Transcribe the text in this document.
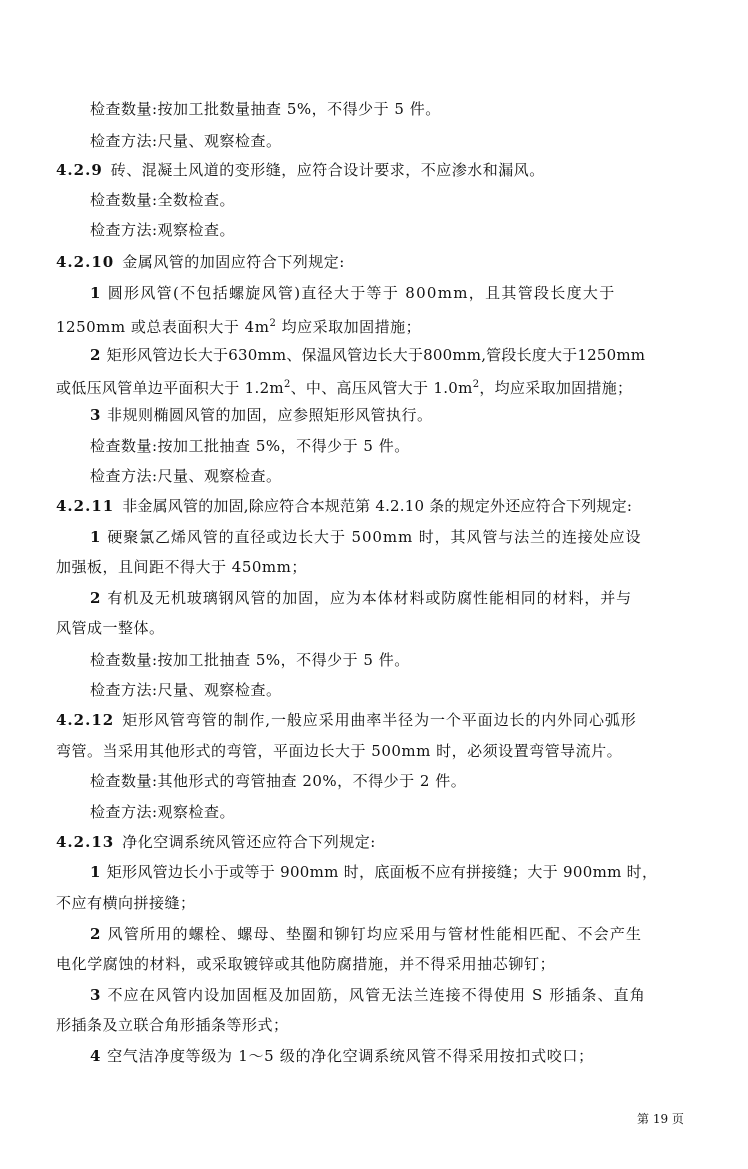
检查数量:按加工批数量抽查 5%，不得少于 5 件。
检查方法:尺量、观察检查。
4.2.9 砖、混凝土风道的变形缝，应符合设计要求，不应渗水和漏风。
检查数量:全数检查。
检查方法:观察检查。
4.2.10 金属风管的加固应符合下列规定:
1 圆形风管(不包括螺旋风管)直径大于等于 800mm，且其管段长度大于
1250mm 或总表面积大于 $4m^2$ 均应采取加固措施；
2 矩形风管边长大于630mm、保温风管边长大于800mm,管段长度大于1250mm
或低压风管单边平面积大于 $1.2m^2$、中、高压风管大于 $1.0m^2$，均应采取加固措施；
3 非规则椭圆风管的加固，应参照矩形风管执行。
检查数量:按加工批抽查 5%，不得少于 5 件。
检查方法:尺量、观察检查。
4.2.11 非金属风管的加固,除应符合本规范第 4.2.10 条的规定外还应符合下列规定:
1 硬聚氯乙烯风管的直径或边长大于 500mm 时，其风管与法兰的连接处应设
加强板，且间距不得大于 450mm；
2 有机及无机玻璃钢风管的加固，应为本体材料或防腐性能相同的材料，并与
风管成一整体。
检查数量:按加工批抽查 5%，不得少于 5 件。
检查方法:尺量、观察检查。
4.2.12 矩形风管弯管的制作,一般应采用曲率半径为一个平面边长的内外同心弧形
弯管。当采用其他形式的弯管，平面边长大于 500mm 时，必须设置弯管导流片。
检查数量:其他形式的弯管抽查 20%，不得少于 2 件。
检查方法:观察检查。
4.2.13 净化空调系统风管还应符合下列规定:
1 矩形风管边长小于或等于 900mm 时，底面板不应有拼接缝；大于 900mm 时，
不应有横向拼接缝；
2 风管所用的螺栓、螺母、垫圈和铆钉均应采用与管材性能相匹配、不会产生
电化学腐蚀的材料，或采取镀锌或其他防腐措施，并不得采用抽芯铆钉；
3 不应在风管内设加固框及加固筋，风管无法兰连接不得使用 S 形插条、直角
形插条及立联合角形插条等形式；
4 空气洁净度等级为 1～5 级的净化空调系统风管不得采用按扣式咬口；
第 19 页
